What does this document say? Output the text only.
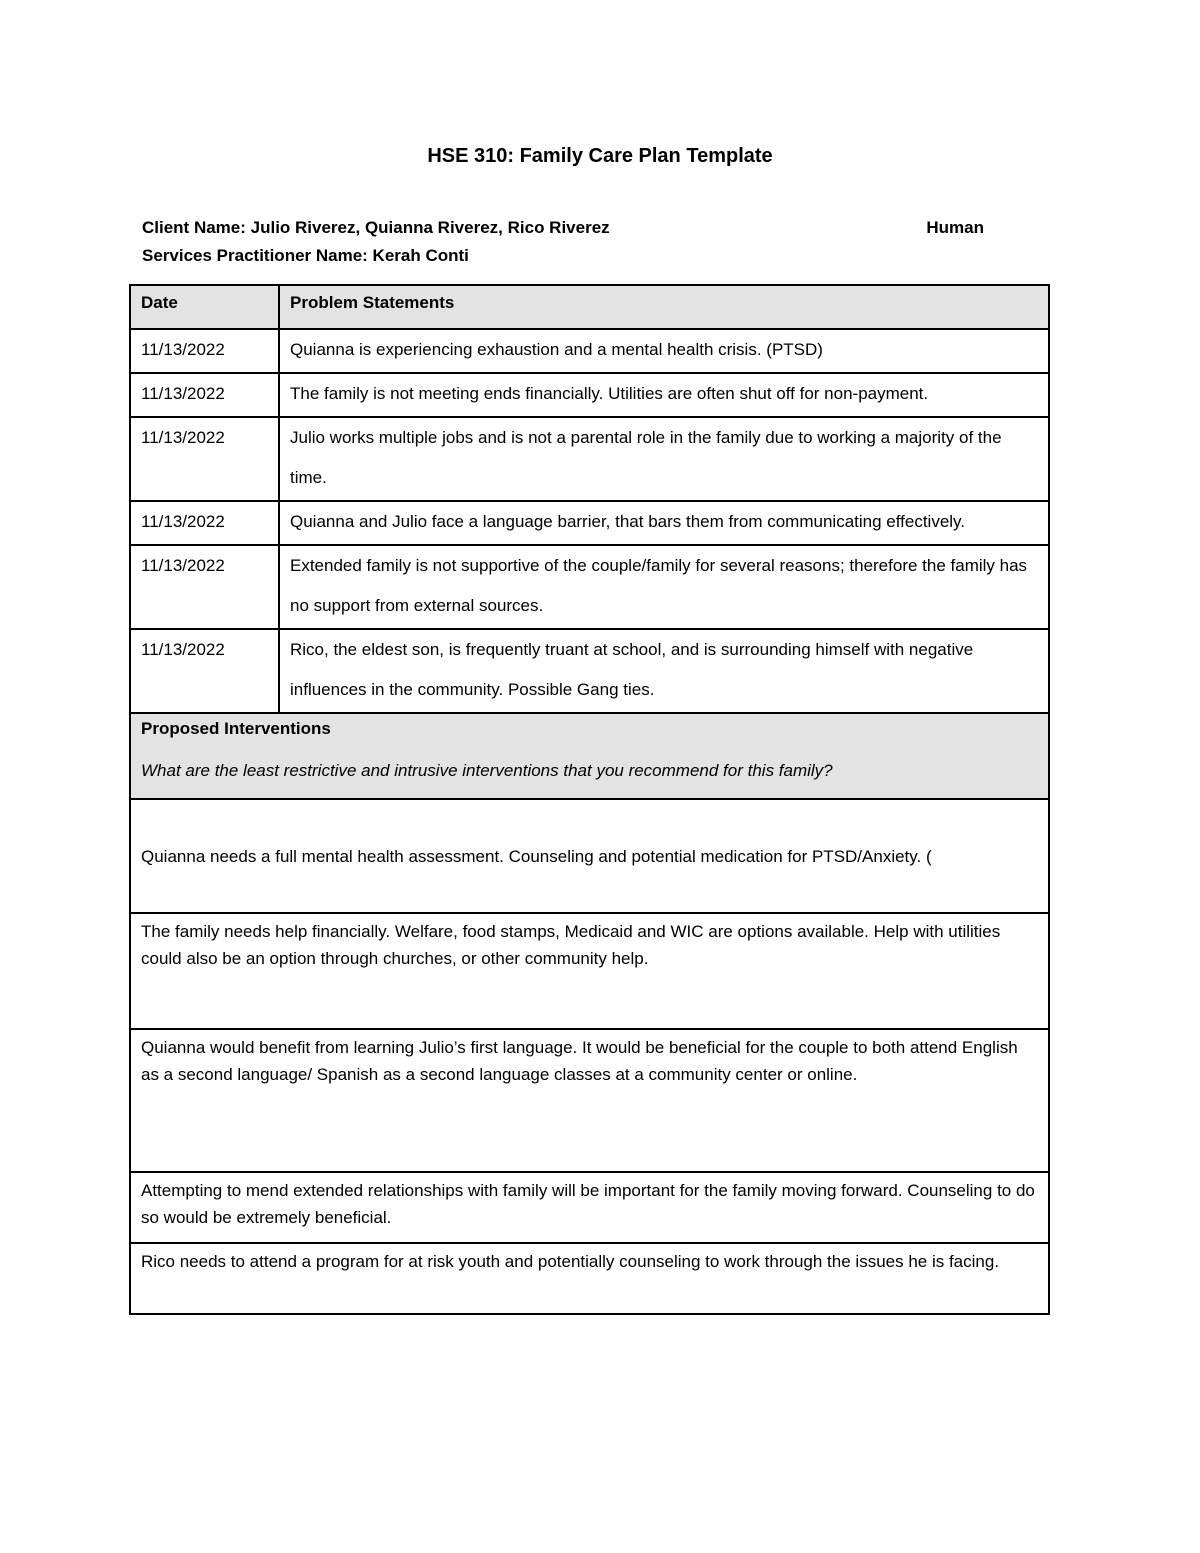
HSE 310: Family Care Plan Template
Client Name: Julio Riverez, Quianna Riverez, Rico Riverez	Human
Services Practitioner Name: Kerah Conti
Date	Problem Statements
11/13/2022	Quianna is experiencing exhaustion and a mental health crisis. (PTSD)
11/13/2022	The family is not meeting ends financially. Utilities are often shut off for non-payment.
11/13/2022	Julio works multiple jobs and is not a parental role in the family due to working a majority of the time.
11/13/2022	Quianna and Julio face a language barrier, that bars them from communicating effectively.
11/13/2022	Extended family is not supportive of the couple/family for several reasons; therefore the family has no support from external sources.
11/13/2022	Rico, the eldest son, is frequently truant at school, and is surrounding himself with negative influences in the community. Possible Gang ties.

Proposed Interventions
What are the least restrictive and intrusive interventions that you recommend for this family?	

Quianna needs a full mental health assessment. Counseling and potential medication for PTSD/Anxiety. (	
The family needs help financially. Welfare, food stamps, Medicaid and WIC are options available. Help with utilities could also be an option through churches, or other community help.	
Quianna would benefit from learning Julio’s first language. It would be beneficial for the couple to both attend English as a second language/ Spanish as a second language classes at a community center or online.	
Attempting to mend extended relationships with family will be important for the family moving forward. Counseling to do so would be extremely beneficial.	
Rico needs to attend a program for at risk youth and potentially counseling to work through the issues he is facing.	
